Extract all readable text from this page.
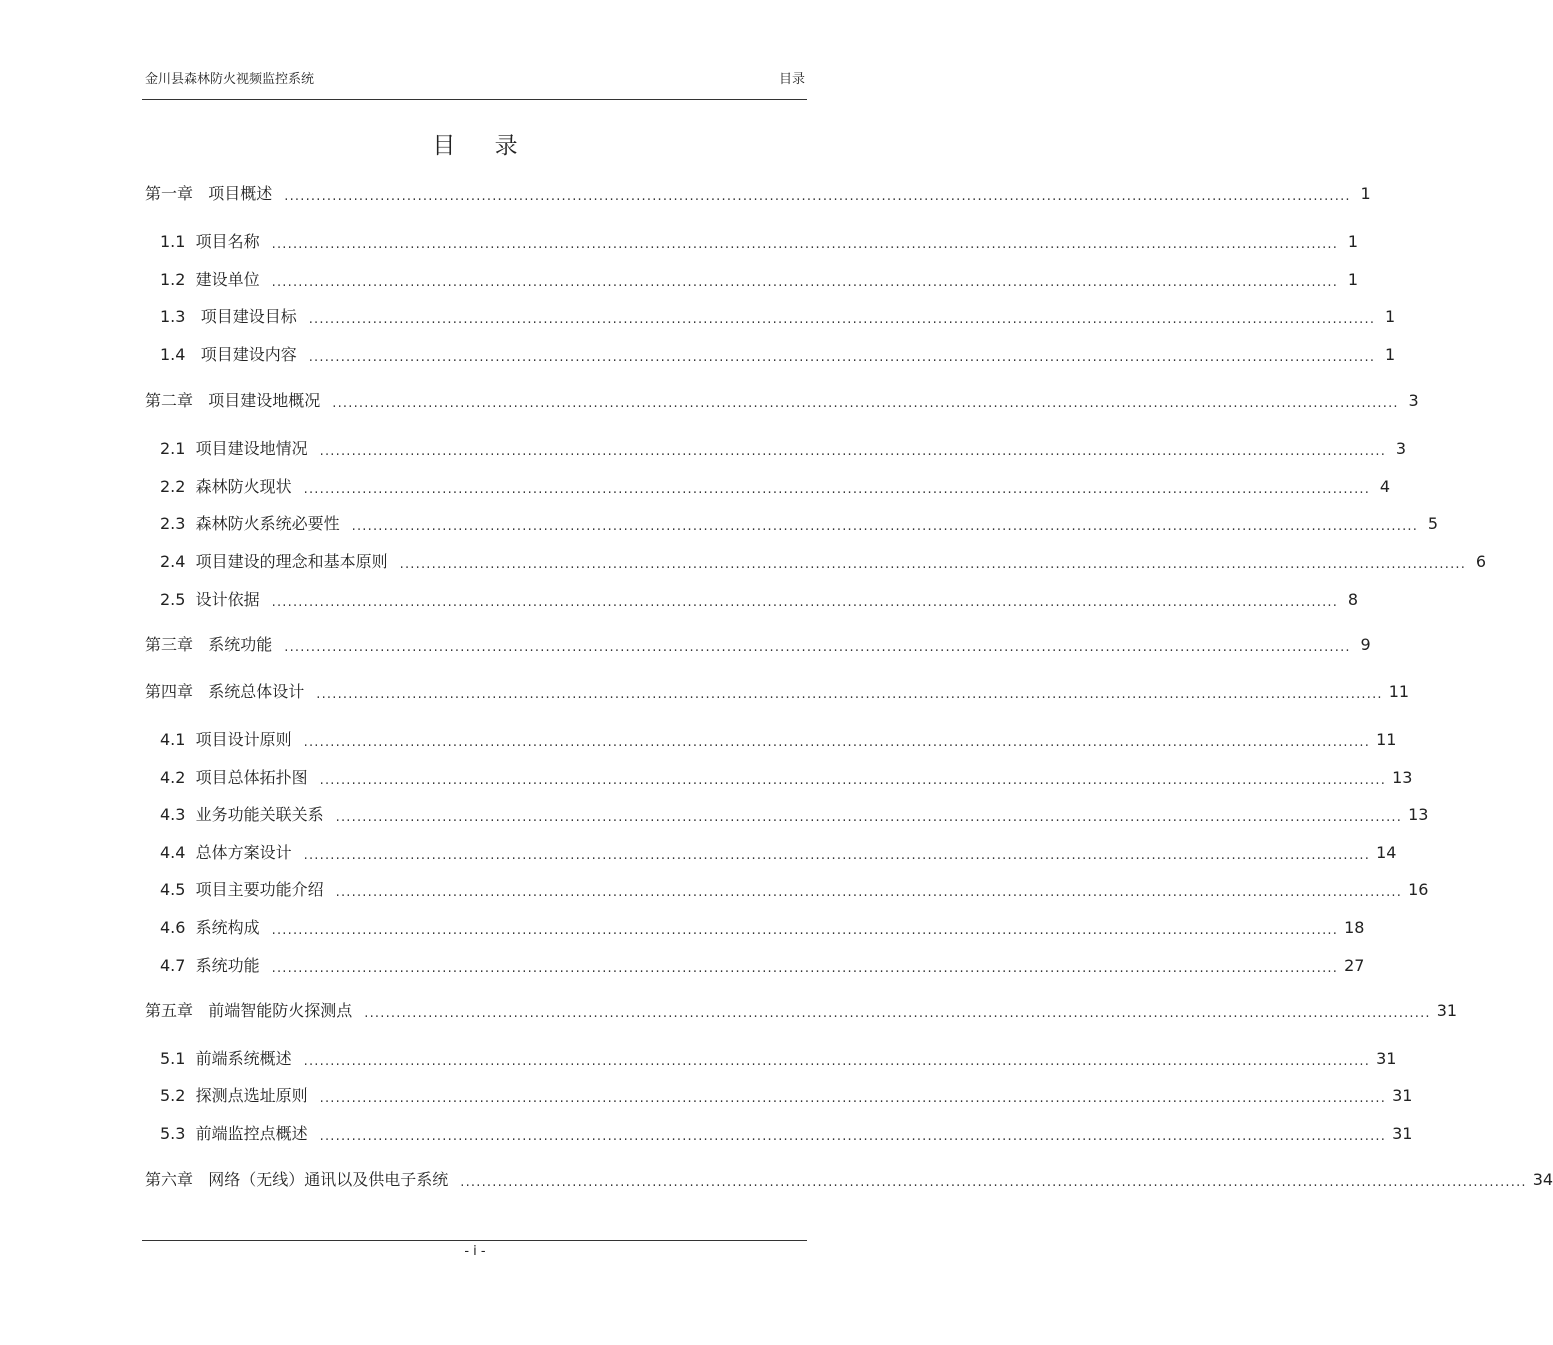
金川县森林防火视频监控系统	目录
目 录
第一章   项目概述 ........................................................................................................................................................................................................ 1
1.1  项目名称 ........................................................................................................................................................................................................ 1
1.2  建设单位 ........................................................................................................................................................................................................ 1
1.3   项目建设目标 ........................................................................................................................................................................................................ 1
1.4   项目建设内容 ........................................................................................................................................................................................................ 1
第二章   项目建设地概况 ........................................................................................................................................................................................................ 3
2.1  项目建设地情况 ........................................................................................................................................................................................................ 3
2.2  森林防火现状 ........................................................................................................................................................................................................ 4
2.3  森林防火系统必要性 ........................................................................................................................................................................................................ 5
2.4  项目建设的理念和基本原则 ........................................................................................................................................................................................................ 6
2.5  设计依据 ........................................................................................................................................................................................................ 8
第三章   系统功能 ........................................................................................................................................................................................................ 9
第四章   系统总体设计 ........................................................................................................................................................................................................ 11
4.1  项目设计原则 ........................................................................................................................................................................................................ 11
4.2  项目总体拓扑图 ........................................................................................................................................................................................................ 13
4.3  业务功能关联关系 ........................................................................................................................................................................................................ 13
4.4  总体方案设计 ........................................................................................................................................................................................................ 14
4.5  项目主要功能介绍 ........................................................................................................................................................................................................ 16
4.6  系统构成 ........................................................................................................................................................................................................ 18
4.7  系统功能 ........................................................................................................................................................................................................ 27
第五章   前端智能防火探测点 ........................................................................................................................................................................................................ 31
5.1  前端系统概述 ........................................................................................................................................................................................................ 31
5.2  探测点选址原则 ........................................................................................................................................................................................................ 31
5.3  前端监控点概述 ........................................................................................................................................................................................................ 31
第六章   网络（无线）通讯以及供电子系统 ........................................................................................................................................................................................................ 34
- i -
